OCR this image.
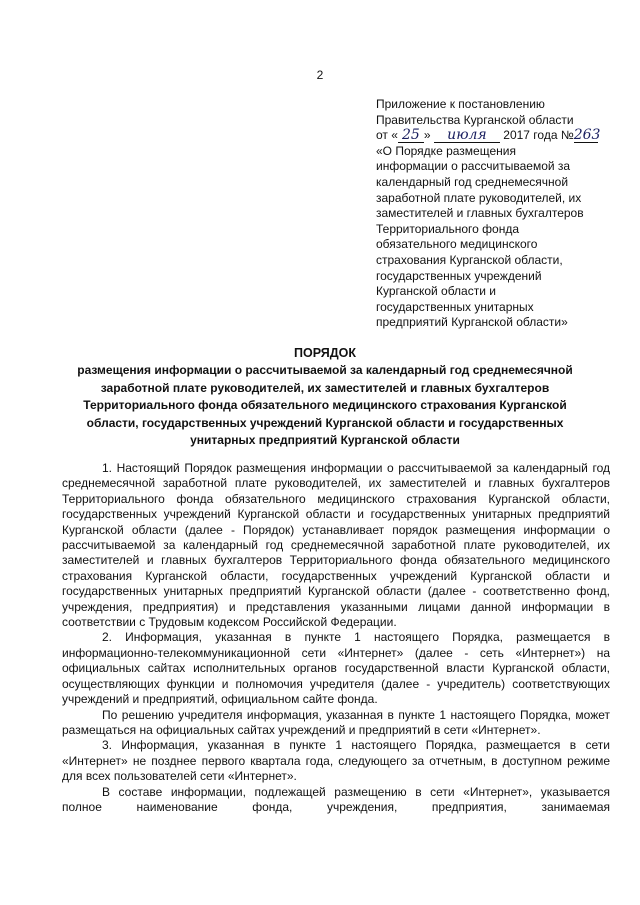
2
Приложение к постановлению
Правительства Курганской области
от « 25 » июля 2017 года №263
«О Порядке размещения
информации о рассчитываемой за
календарный год среднемесячной
заработной плате руководителей, их
заместителей и главных бухгалтеров
Территориального фонда
обязательного медицинского
страхования Курганской области,
государственных учреждений
Курганской области и
государственных унитарных
предприятий Курганской области»
ПОРЯДОК
размещения информации о рассчитываемой за календарный год среднемесячной
заработной плате руководителей, их заместителей и главных бухгалтеров
Территориального фонда обязательного медицинского страхования Курганской
области, государственных учреждений Курганской области и государственных
унитарных предприятий Курганской области

1. Настоящий Порядок размещения информации о рассчитываемой за календарный год среднемесячной заработной плате руководителей, их заместителей и главных бухгалтеров Территориального фонда обязательного медицинского страхования Курганской области, государственных учреждений Курганской области и государственных унитарных предприятий Курганской области (далее - Порядок) устанавливает порядок размещения информации о рассчитываемой за календарный год среднемесячной заработной плате руководителей, их заместителей и главных бухгалтеров Территориального фонда обязательного медицинского страхования Курганской области, государственных учреждений Курганской области и государственных унитарных предприятий Курганской области (далее - соответственно фонд, учреждения, предприятия) и представления указанными лицами данной информации в соответствии с Трудовым кодексом Российской Федерации.

2. Информация, указанная в пункте 1 настоящего Порядка, размещается в информационно-телекоммуникационной сети «Интернет» (далее - сеть «Интернет») на официальных сайтах исполнительных органов государственной власти Курганской области, осуществляющих функции и полномочия учредителя (далее - учредитель) соответствующих учреждений и предприятий, официальном сайте фонда.

По решению учредителя информация, указанная в пункте 1 настоящего Порядка, может размещаться на официальных сайтах учреждений и предприятий в сети «Интернет».

3. Информация, указанная в пункте 1 настоящего Порядка, размещается в сети «Интернет» не позднее первого квартала года, следующего за отчетным, в доступном режиме для всех пользователей сети «Интернет».

В составе информации, подлежащей размещению в сети «Интернет», указывается полное наименование фонда, учреждения, предприятия, занимаемая
